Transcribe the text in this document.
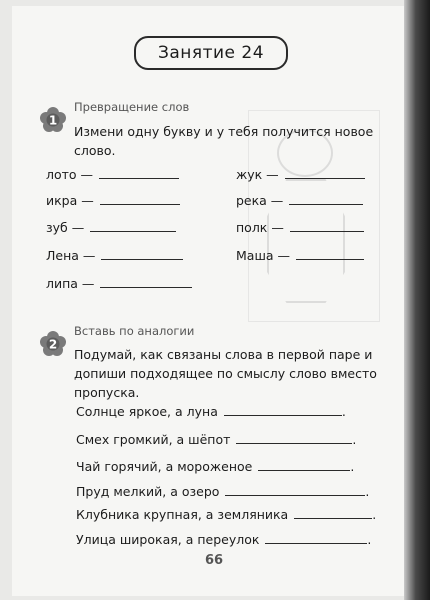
Занятие 24
1
Превращение слов
Измени одну букву и у тебя получится новое слово.
лото —
икра —
зуб —
Лена —
липа —
жук —
река —
полк —
Маша —
2
Вставь по аналогии
Подумай, как связаны слова в первой паре и допиши подходящее по смыслу слово вместо пропуска.
Солнце яркое, а луна	.
Смех громкий, а шёпот	.
Чай горячий, а мороженое	.
Пруд мелкий, а озеро	.
Клубника крупная, а земляника	.
Улица широкая, а переулок	.
66
